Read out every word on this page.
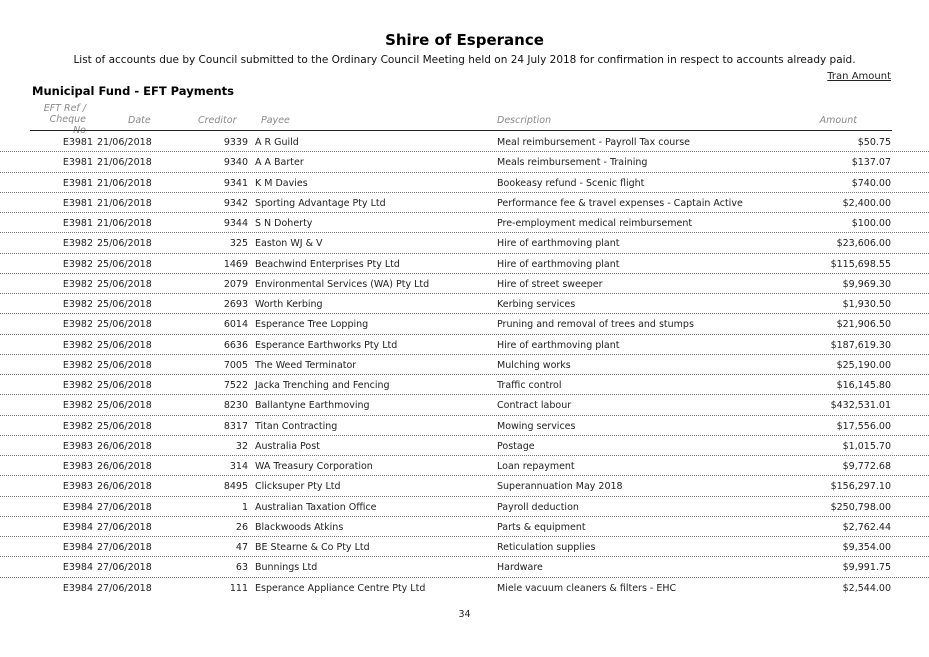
Shire of Esperance
List of accounts due by Council submitted to the Ordinary Council Meeting held on 24 July 2018 for confirmation in respect to accounts already paid.
Tran Amount
Municipal Fund - EFT Payments
EFT Ref /
Cheque No
Date	Creditor	Payee	Description	Amount
E3981 21/06/2018	9339 A R Guild	Meal reimbursement - Payroll Tax course	$50.75
E3981 21/06/2018	9340 A A Barter	Meals reimbursement - Training	$137.07
E3981 21/06/2018	9341 K M Davies	Bookeasy refund - Scenic flight	$740.00
E3981 21/06/2018	9342 Sporting Advantage Pty Ltd	Performance fee & travel expenses - Captain Active	$2,400.00
E3981 21/06/2018	9344 S N Doherty	Pre-employment medical reimbursement	$100.00
E3982 25/06/2018	325 Easton WJ & V	Hire of earthmoving plant	$23,606.00
E3982 25/06/2018	1469 Beachwind Enterprises Pty Ltd	Hire of earthmoving plant	$115,698.55
E3982 25/06/2018	2079 Environmental Services (WA) Pty Ltd	Hire of street sweeper	$9,969.30
E3982 25/06/2018	2693 Worth Kerbing	Kerbing services	$1,930.50
E3982 25/06/2018	6014 Esperance Tree Lopping	Pruning and removal of trees and stumps	$21,906.50
E3982 25/06/2018	6636 Esperance Earthworks Pty Ltd	Hire of earthmoving plant	$187,619.30
E3982 25/06/2018	7005 The Weed Terminator	Mulching works	$25,190.00
E3982 25/06/2018	7522 Jacka Trenching and Fencing	Traffic control	$16,145.80
E3982 25/06/2018	8230 Ballantyne Earthmoving	Contract labour	$432,531.01
E3982 25/06/2018	8317 Titan Contracting	Mowing services	$17,556.00
E3983 26/06/2018	32 Australia Post	Postage	$1,015.70
E3983 26/06/2018	314 WA Treasury Corporation	Loan repayment	$9,772.68
E3983 26/06/2018	8495 Clicksuper Pty Ltd	Superannuation May 2018	$156,297.10
E3984 27/06/2018	1 Australian Taxation Office	Payroll deduction	$250,798.00
E3984 27/06/2018	26 Blackwoods Atkins	Parts & equipment	$2,762.44
E3984 27/06/2018	47 BE Stearne & Co Pty Ltd	Reticulation supplies	$9,354.00
E3984 27/06/2018	63 Bunnings Ltd	Hardware	$9,991.75
E3984 27/06/2018	111 Esperance Appliance Centre Pty Ltd	Miele vacuum cleaners & filters - EHC	$2,544.00
34
